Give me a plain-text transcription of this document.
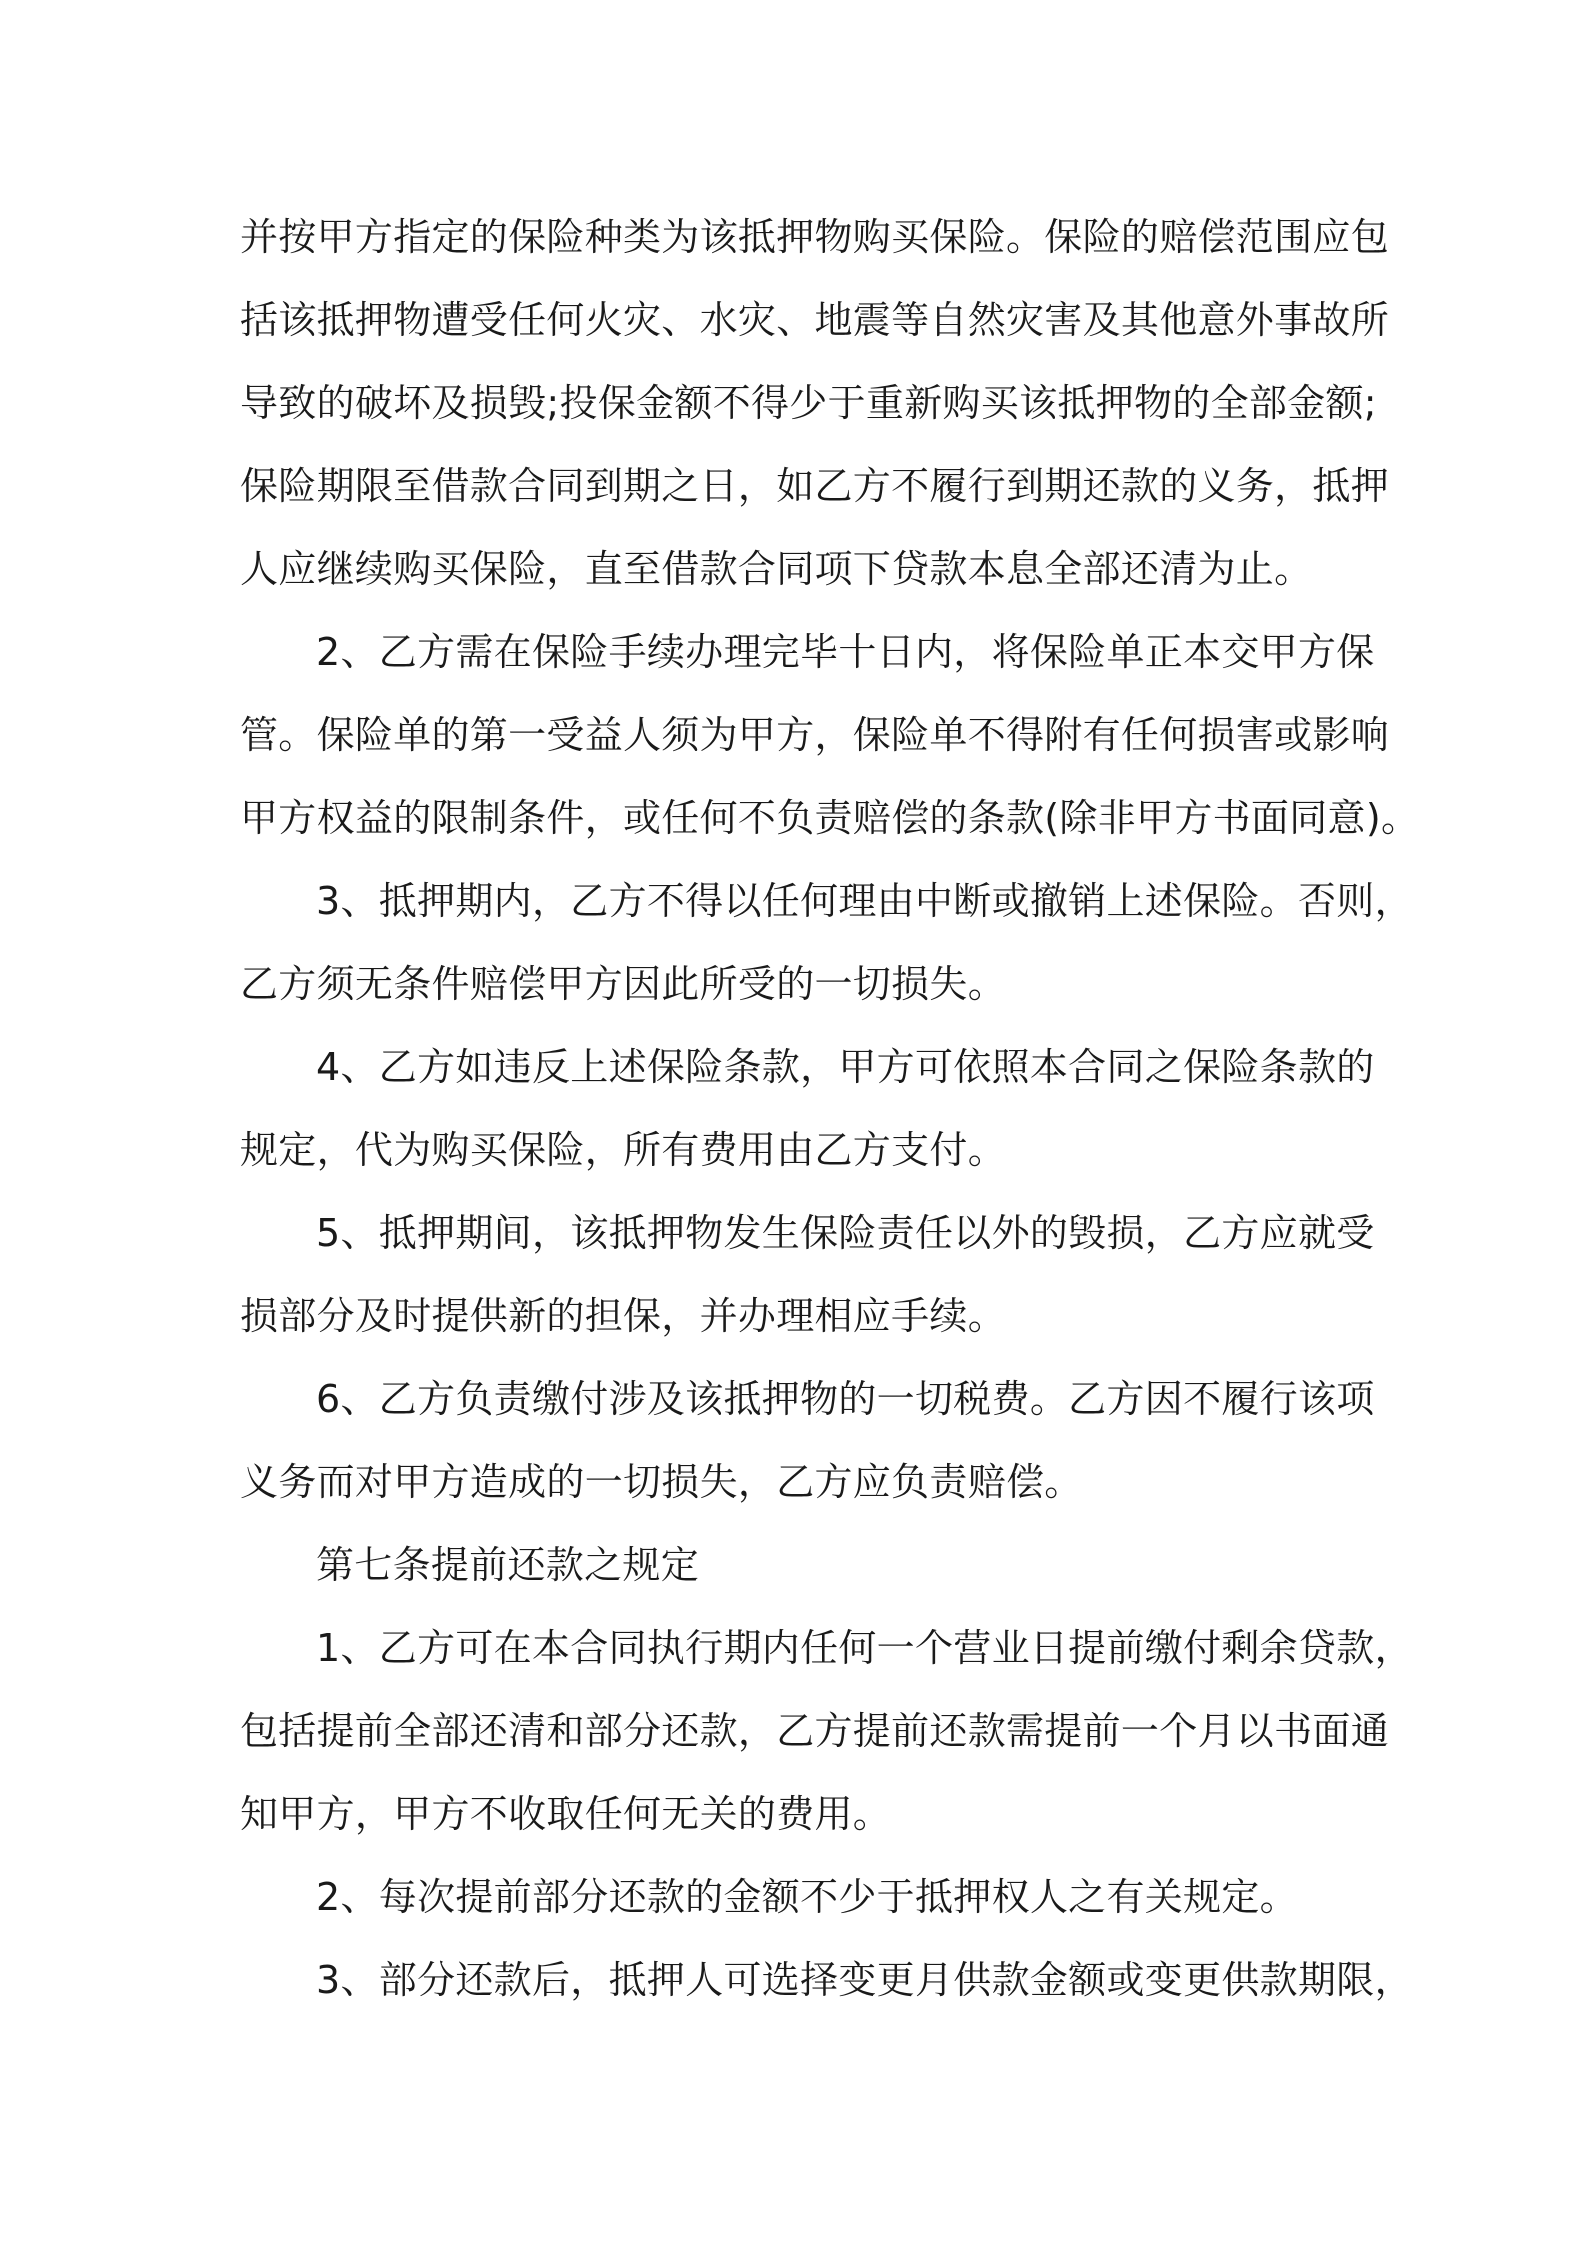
并按甲方指定的保险种类为该抵押物购买保险。保险的赔偿范围应包
括该抵押物遭受任何火灾、水灾、地震等自然灾害及其他意外事故所
导致的破坏及损毁;投保金额不得少于重新购买该抵押物的全部金额;
保险期限至借款合同到期之日，如乙方不履行到期还款的义务，抵押
人应继续购买保险，直至借款合同项下贷款本息全部还清为止。
2、乙方需在保险手续办理完毕十日内，将保险单正本交甲方保
管。保险单的第一受益人须为甲方，保险单不得附有任何损害或影响
甲方权益的限制条件，或任何不负责赔偿的条款(除非甲方书面同意)。
3、抵押期内，乙方不得以任何理由中断或撤销上述保险。否则，
乙方须无条件赔偿甲方因此所受的一切损失。
4、乙方如违反上述保险条款，甲方可依照本合同之保险条款的
规定，代为购买保险，所有费用由乙方支付。
5、抵押期间，该抵押物发生保险责任以外的毁损，乙方应就受
损部分及时提供新的担保，并办理相应手续。
6、乙方负责缴付涉及该抵押物的一切税费。乙方因不履行该项
义务而对甲方造成的一切损失，乙方应负责赔偿。
第七条提前还款之规定
1、乙方可在本合同执行期内任何一个营业日提前缴付剩余贷款，
包括提前全部还清和部分还款，乙方提前还款需提前一个月以书面通
知甲方，甲方不收取任何无关的费用。
2、每次提前部分还款的金额不少于抵押权人之有关规定。
3、部分还款后，抵押人可选择变更月供款金额或变更供款期限，
